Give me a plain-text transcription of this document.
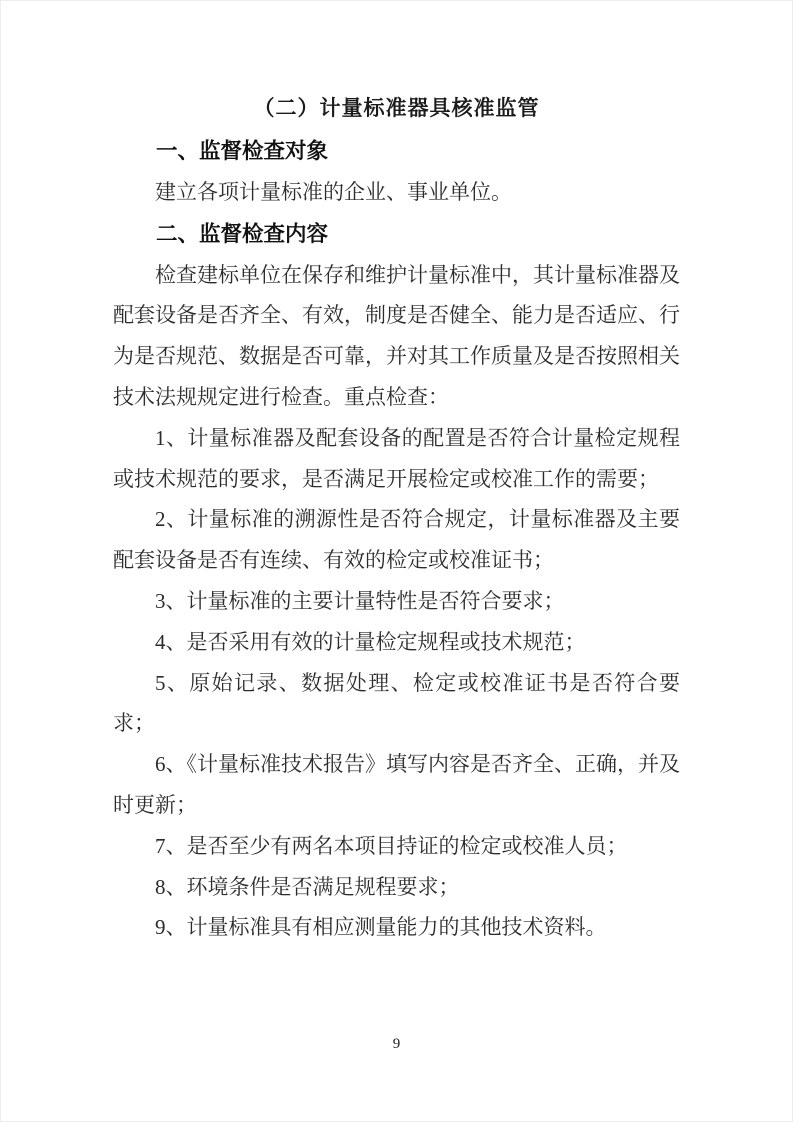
（二）计量标准器具核准监管
一、监督检查对象
建立各项计量标准的企业、事业单位。
二、监督检查内容
检查建标单位在保存和维护计量标准中，其计量标准器及配套设备是否齐全、有效，制度是否健全、能力是否适应、行为是否规范、数据是否可靠，并对其工作质量及是否按照相关技术法规规定进行检查。重点检查：
1、计量标准器及配套设备的配置是否符合计量检定规程或技术规范的要求，是否满足开展检定或校准工作的需要；
2、计量标准的溯源性是否符合规定，计量标准器及主要配套设备是否有连续、有效的检定或校准证书；
3、计量标准的主要计量特性是否符合要求；
4、是否采用有效的计量检定规程或技术规范；
5、原始记录、数据处理、检定或校准证书是否符合要求；
6、《计量标准技术报告》填写内容是否齐全、正确，并及时更新；
7、是否至少有两名本项目持证的检定或校准人员；
8、环境条件是否满足规程要求；
9、计量标准具有相应测量能力的其他技术资料。
9
